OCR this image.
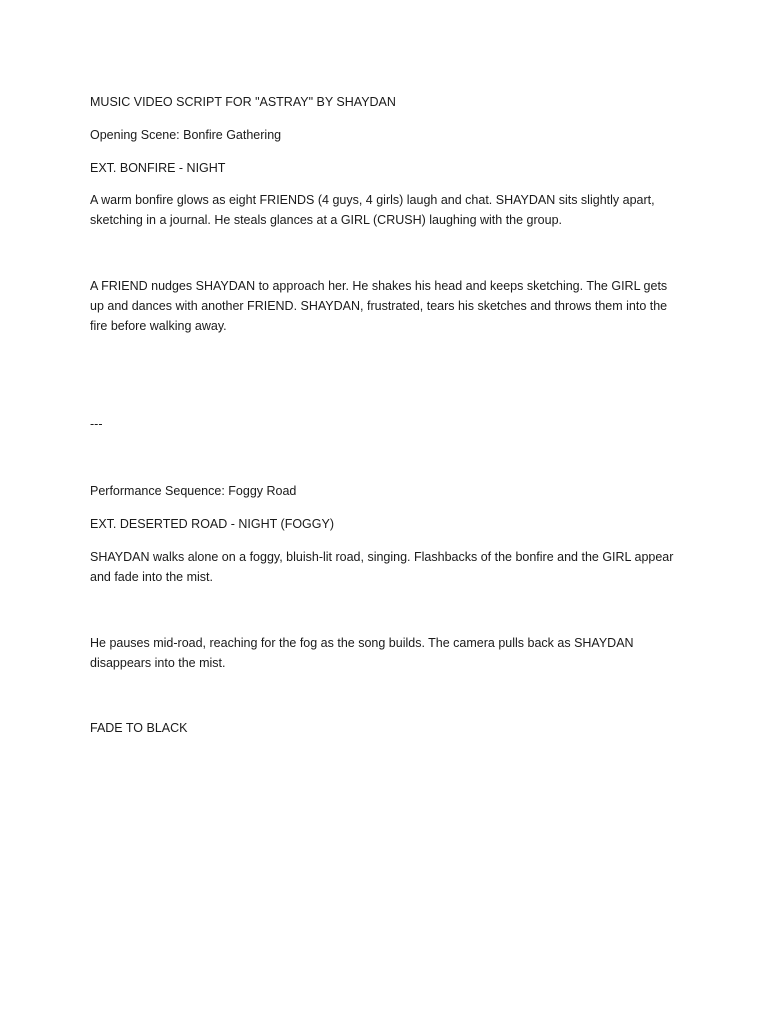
MUSIC VIDEO SCRIPT FOR "ASTRAY" BY SHAYDAN

Opening Scene: Bonfire Gathering

EXT. BONFIRE - NIGHT

A warm bonfire glows as eight FRIENDS (4 guys, 4 girls) laugh and chat. SHAYDAN sits slightly apart, sketching in a journal. He steals glances at a GIRL (CRUSH) laughing with the group.

A FRIEND nudges SHAYDAN to approach her. He shakes his head and keeps sketching. The GIRL gets up and dances with another FRIEND. SHAYDAN, frustrated, tears his sketches and throws them into the fire before walking away.

---

Performance Sequence: Foggy Road

EXT. DESERTED ROAD - NIGHT (FOGGY)

SHAYDAN walks alone on a foggy, bluish-lit road, singing. Flashbacks of the bonfire and the GIRL appear and fade into the mist.

He pauses mid-road, reaching for the fog as the song builds. The camera pulls back as SHAYDAN disappears into the mist.

FADE TO BLACK
